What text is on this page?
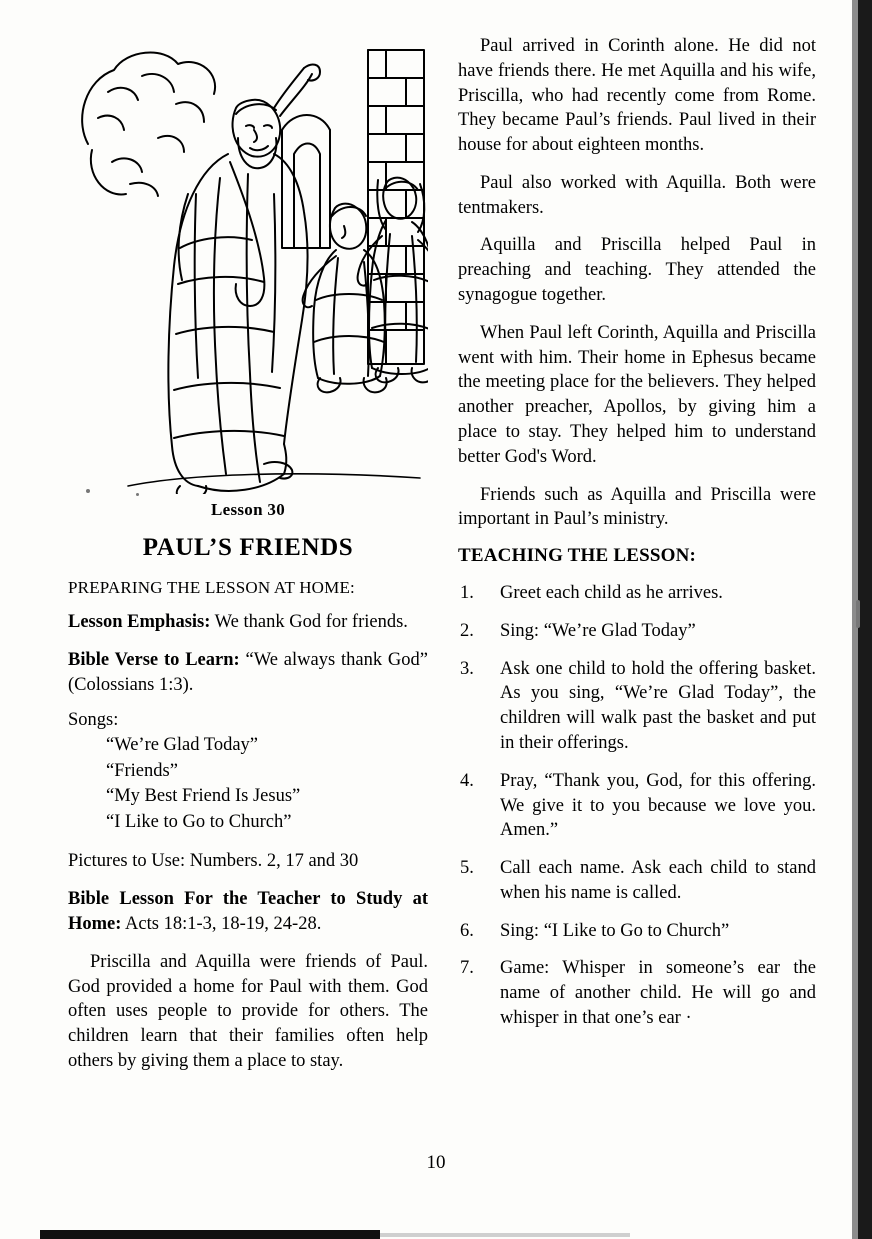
Lesson 30
PAUL’S FRIENDS
PREPARING THE LESSON AT HOME:

Lesson Emphasis: We thank God for friends.

Bible Verse to Learn: “We always thank God” (Colossians 1:3).

Songs:
“We’re Glad Today”
“Friends”
“My Best Friend Is Jesus”
“I Like to Go to Church”

Pictures to Use: Numbers. 2, 17 and 30

Bible Lesson For the Teacher to Study at Home: Acts 18:1-3, 18-19, 24-28.

Priscilla and Aquilla were friends of Paul. God provided a home for Paul with them. God often uses people to provide for others. The children learn that their families often help others by giving them a place to stay.

Paul arrived in Corinth alone. He did not have friends there. He met Aquilla and his wife, Priscilla, who had recently come from Rome. They became Paul’s friends. Paul lived in their house for about eighteen months.

Paul also worked with Aquilla. Both were tentmakers.

Aquilla and Priscilla helped Paul in preaching and teaching. They attended the synagogue together.

When Paul left Corinth, Aquilla and Priscilla went with him. Their home in Ephesus became the meeting place for the believers. They helped another preacher, Apollos, by giving him a place to stay. They helped him to understand better God's Word.

Friends such as Aquilla and Priscilla were important in Paul’s ministry.

TEACHING THE LESSON:
1.	Greet each child as he arrives.
2.	Sing: “We’re Glad Today”
3.	Ask one child to hold the offering basket. As you sing, “We’re Glad Today”, the children will walk past the basket and put in their offerings.
4.	Pray, “Thank you, God, for this offering. We give it to you because we love you. Amen.”
5.	Call each name. Ask each child to stand when his name is called.
6.	Sing: “I Like to Go to Church”
7.	Game: Whisper in someone’s ear the name of another child. He will go and whisper in that one’s ear ·
10
